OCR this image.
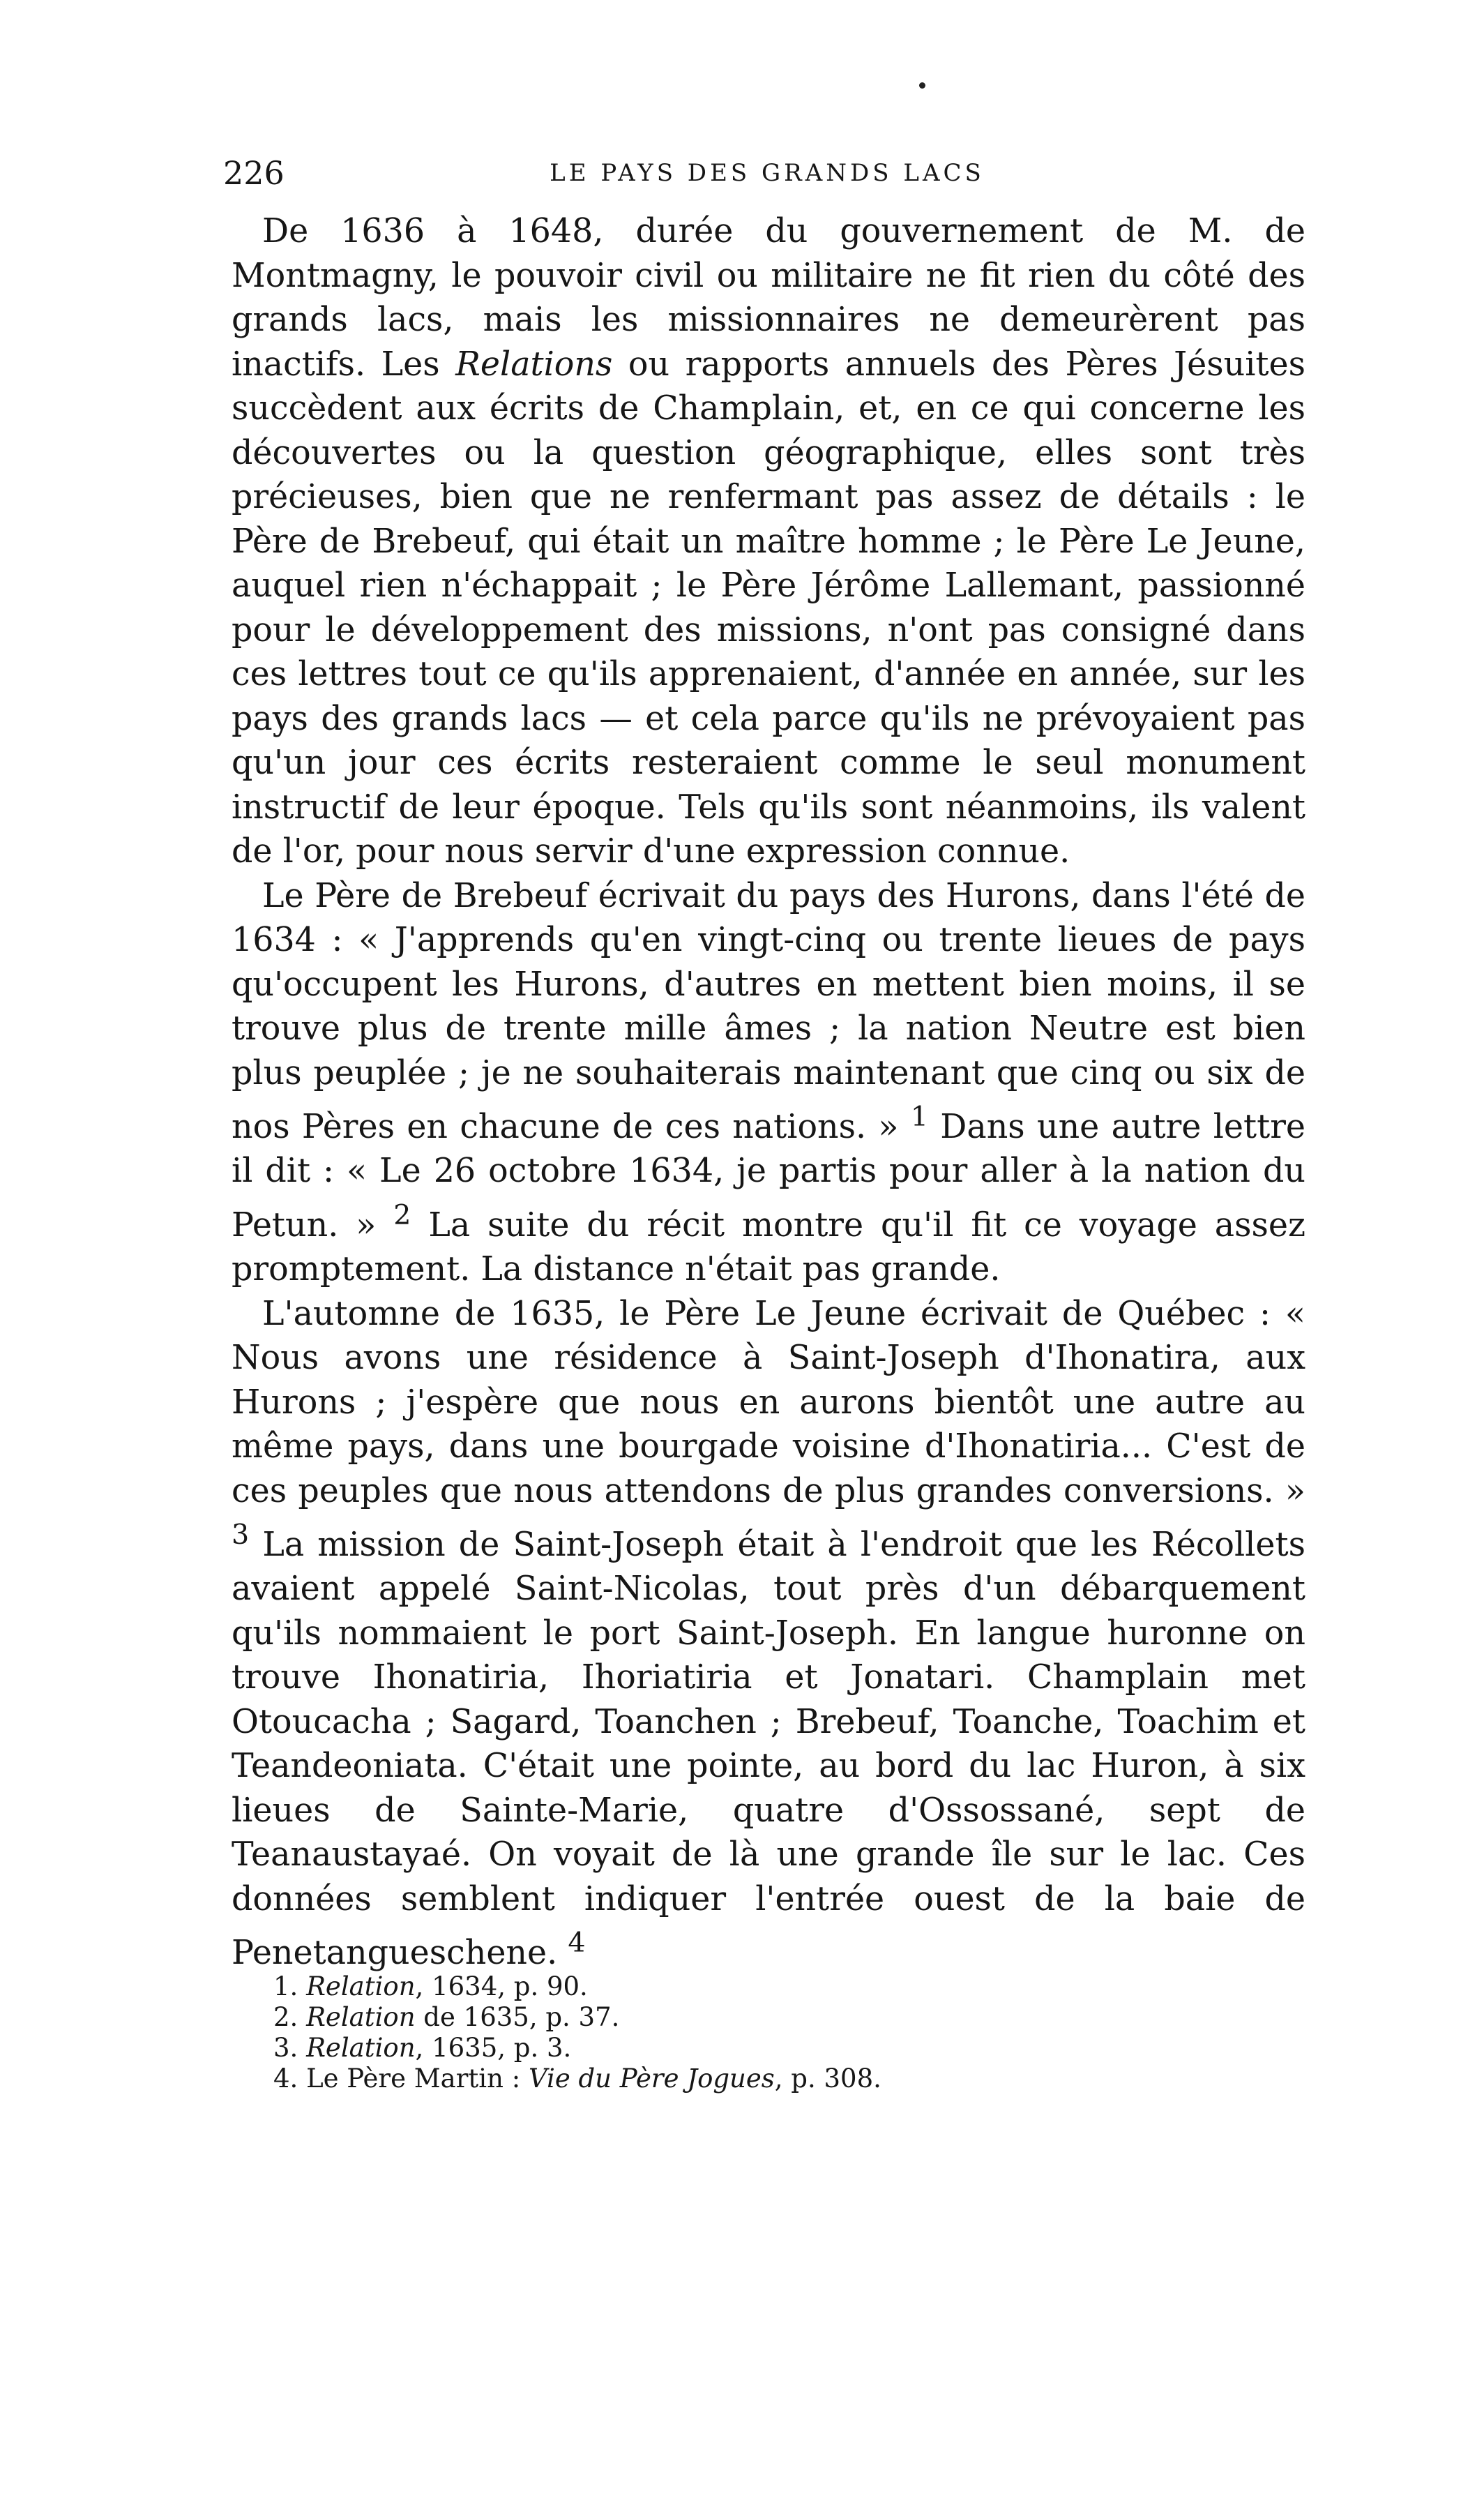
226	LE PAYS DES GRANDS LACS

De 1636 à 1648, durée du gouvernement de M. de Montmagny, le pouvoir civil ou militaire ne fit rien du côté des grands lacs, mais les missionnaires ne demeurèrent pas inactifs. Les Relations ou rapports annuels des Pères Jésuites succèdent aux écrits de Champlain, et, en ce qui concerne les découvertes ou la question géographique, elles sont très précieuses, bien que ne renfermant pas assez de détails : le Père de Brebeuf, qui était un maître homme ; le Père Le Jeune, auquel rien n'échappait ; le Père Jérôme Lallemant, passionné pour le développement des missions, n'ont pas consigné dans ces lettres tout ce qu'ils apprenaient, d'année en année, sur les pays des grands lacs — et cela parce qu'ils ne prévoyaient pas qu'un jour ces écrits resteraient comme le seul monument instructif de leur époque. Tels qu'ils sont néanmoins, ils valent de l'or, pour nous servir d'une expression connue.

Le Père de Brebeuf écrivait du pays des Hurons, dans l'été de 1634 : « J'apprends qu'en vingt-cinq ou trente lieues de pays qu'occupent les Hurons, d'autres en mettent bien moins, il se trouve plus de trente mille âmes ; la nation Neutre est bien plus peuplée ; je ne souhaiterais maintenant que cinq ou six de nos Pères en chacune de ces nations. » $^1$ Dans une autre lettre il dit : « Le 26 octobre 1634, je partis pour aller à la nation du Petun. » $^2$ La suite du récit montre qu'il fit ce voyage assez promptement. La distance n'était pas grande.

L'automne de 1635, le Père Le Jeune écrivait de Québec : « Nous avons une résidence à Saint-Joseph d'Ihonatira, aux Hurons ; j'espère que nous en aurons bientôt une autre au même pays, dans une bourgade voisine d'Ihonatiria... C'est de ces peuples que nous attendons de plus grandes conversions. » $^3$ La mission de Saint-Joseph était à l'endroit que les Récollets avaient appelé Saint-Nicolas, tout près d'un débarquement qu'ils nommaient le port Saint-Joseph. En langue huronne on trouve Ihonatiria, Ihoriatiria et Jonatari. Champlain met Otoucacha ; Sagard, Toanchen ; Brebeuf, Toanche, Toachim et Teandeoniata. C'était une pointe, au bord du lac Huron, à six lieues de Sainte-Marie, quatre d'Ossossané, sept de Teanaustayaé. On voyait de là une grande île sur le lac. Ces données semblent indiquer l'entrée ouest de la baie de Penetangueschene. $^4$

1. Relation, 1634, p. 90.
2. Relation de 1635, p. 37.
3. Relation, 1635, p. 3.
4. Le Père Martin : Vie du Père Jogues, p. 308.
